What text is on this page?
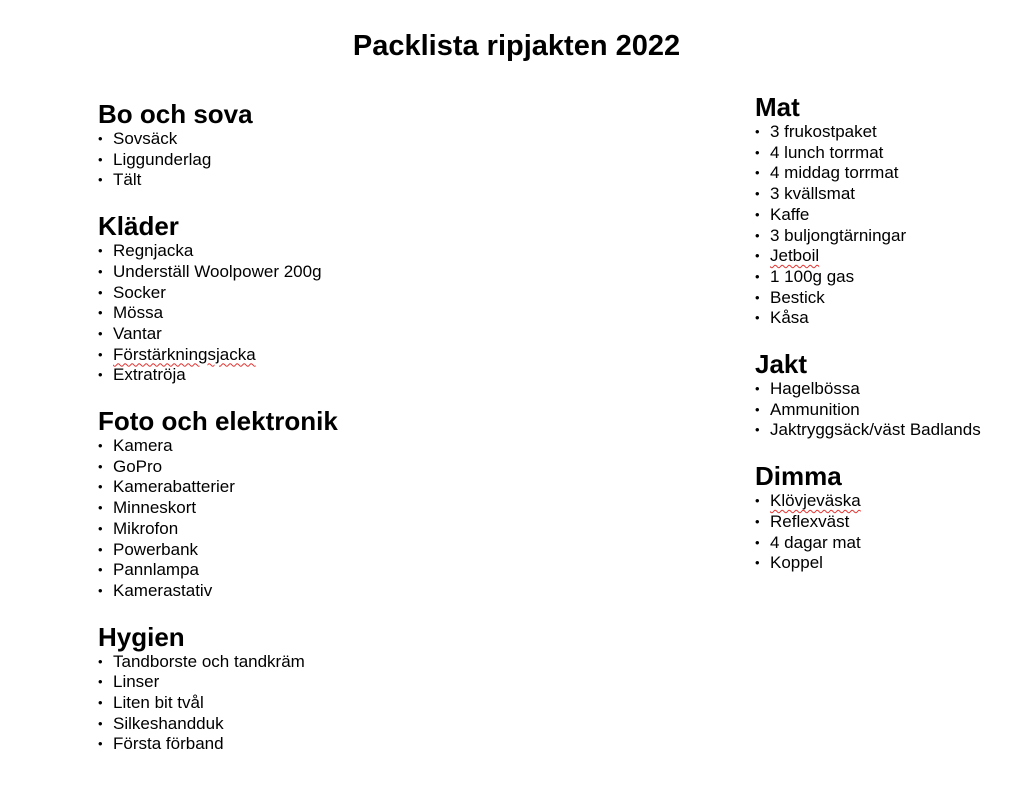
Packlista ripjakten 2022
Bo och sova
• Sovsäck
• Liggunderlag
• Tält
Kläder
• Regnjacka
• Underställ Woolpower 200g
• Socker
• Mössa
• Vantar
• Förstärkningsjacka
• Extratröja
Foto och elektronik
• Kamera
• GoPro
• Kamerabatterier
• Minneskort
• Mikrofon
• Powerbank
• Pannlampa
• Kamerastativ
Hygien
• Tandborste och tandkräm
• Linser
• Liten bit tvål
• Silkeshandduk
• Första förband
Mat
• 3 frukostpaket
• 4 lunch torrmat
• 4 middag torrmat
• 3 kvällsmat
• Kaffe
• 3 buljongtärningar
• Jetboil
• 1 100g gas
• Bestick
• Kåsa
Jakt
• Hagelbössa
• Ammunition
• Jaktryggsäck/väst Badlands
Dimma
• Klövjeväska
• Reflexväst
• 4 dagar mat
• Koppel
